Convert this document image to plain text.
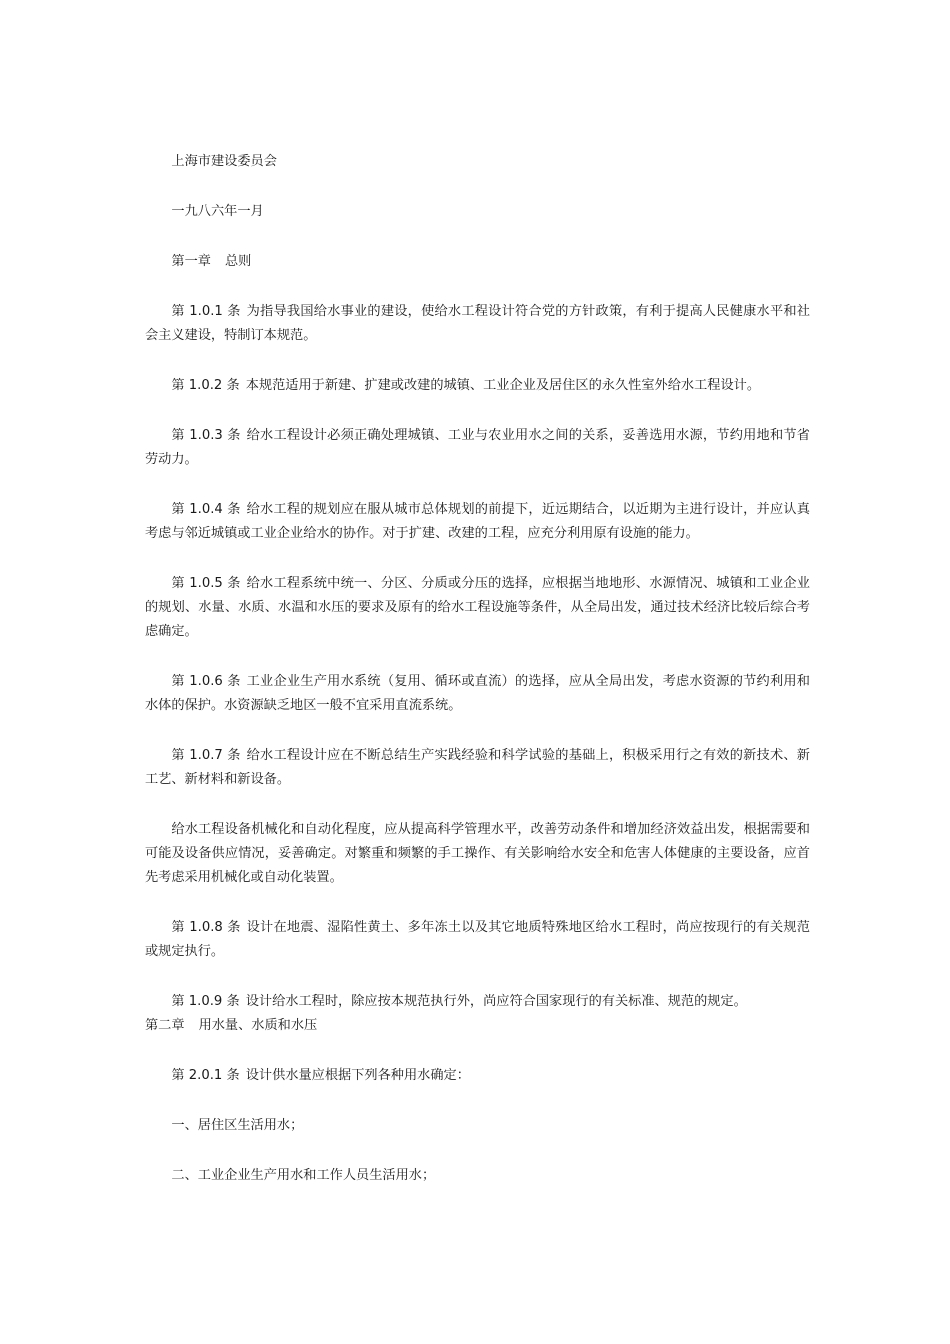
上海市建设委员会

一九八六年一月

第一章 总则

第 1.0.1 条 为指导我国给水事业的建设，使给水工程设计符合党的方针政策，有利于提高人民健康水平和社会主义建设，特制订本规范。

第 1.0.2 条 本规范适用于新建、扩建或改建的城镇、工业企业及居住区的永久性室外给水工程设计。

第 1.0.3 条 给水工程设计必须正确处理城镇、工业与农业用水之间的关系，妥善选用水源，节约用地和节省劳动力。

第 1.0.4 条 给水工程的规划应在服从城市总体规划的前提下，近远期结合，以近期为主进行设计，并应认真考虑与邻近城镇或工业企业给水的协作。对于扩建、改建的工程，应充分利用原有设施的能力。

第 1.0.5 条 给水工程系统中统一、分区、分质或分压的选择，应根据当地地形、水源情况、城镇和工业企业的规划、水量、水质、水温和水压的要求及原有的给水工程设施等条件，从全局出发，通过技术经济比较后综合考虑确定。

第 1.0.6 条 工业企业生产用水系统（复用、循环或直流）的选择，应从全局出发，考虑水资源的节约利用和水体的保护。水资源缺乏地区一般不宜采用直流系统。

第 1.0.7 条 给水工程设计应在不断总结生产实践经验和科学试验的基础上，积极采用行之有效的新技术、新工艺、新材料和新设备。

给水工程设备机械化和自动化程度，应从提高科学管理水平，改善劳动条件和增加经济效益出发，根据需要和可能及设备供应情况，妥善确定。对繁重和频繁的手工操作、有关影响给水安全和危害人体健康的主要设备，应首先考虑采用机械化或自动化装置。

第 1.0.8 条 设计在地震、湿陷性黄土、多年冻土以及其它地质特殊地区给水工程时，尚应按现行的有关规范或规定执行。

第 1.0.9 条 设计给水工程时，除应按本规范执行外，尚应符合国家现行的有关标准、规范的规定。

第二章 用水量、水质和水压

第 2.0.1 条 设计供水量应根据下列各种用水确定：

一、居住区生活用水；

二、工业企业生产用水和工作人员生活用水；
